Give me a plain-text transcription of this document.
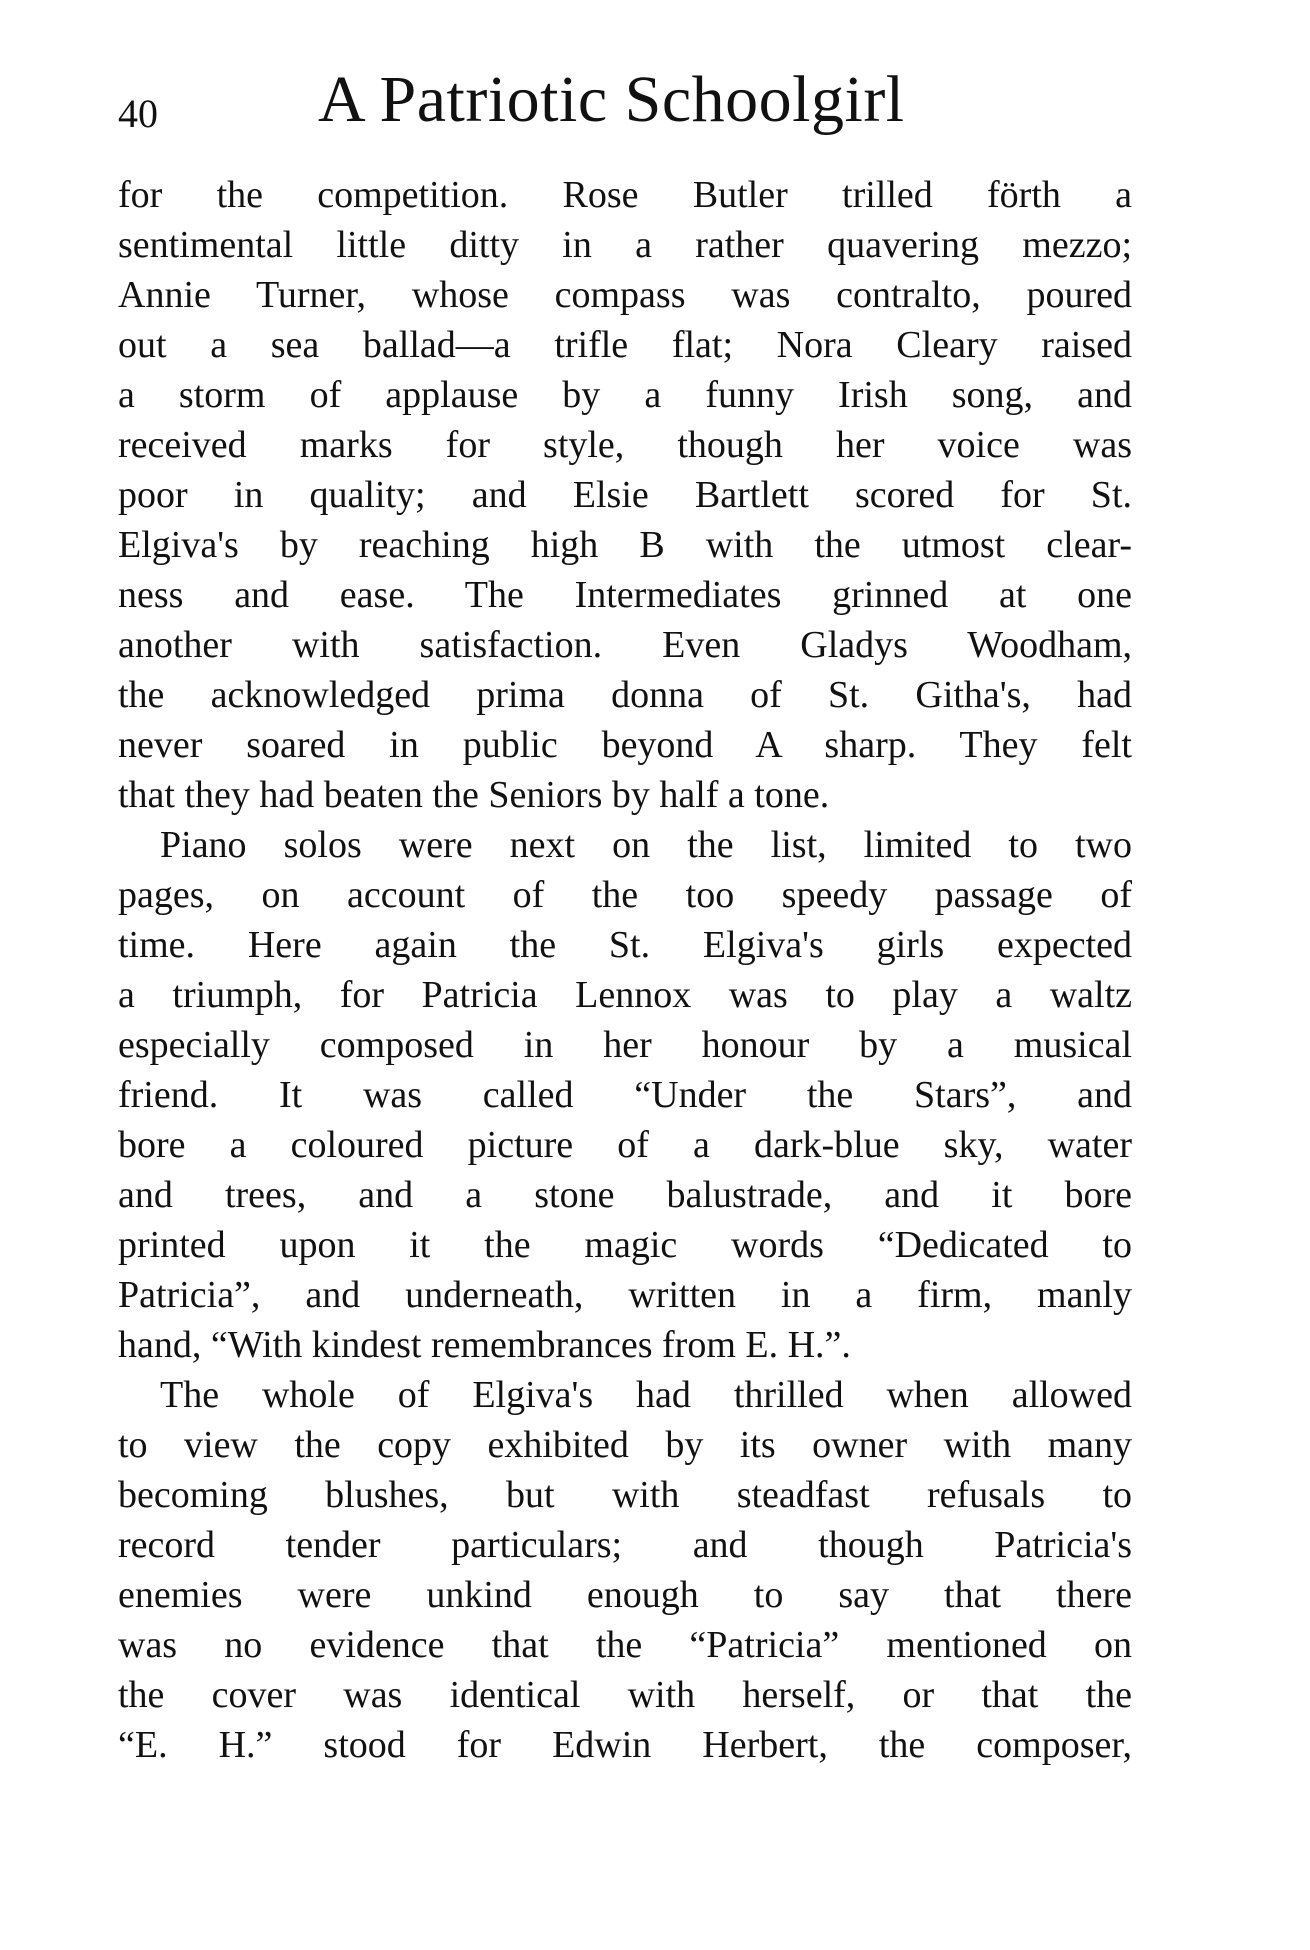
40 A Patriotic Schoolgirl
for the competition. Rose Butler trilled förth a
sentimental little ditty in a rather quavering mezzo;
Annie Turner, whose compass was contralto, poured
out a sea ballad—a trifle flat; Nora Cleary raised
a storm of applause by a funny Irish song, and
received marks for style, though her voice was
poor in quality; and Elsie Bartlett scored for St.
Elgiva's by reaching high B with the utmost clear-
ness and ease. The Intermediates grinned at one
another with satisfaction. Even Gladys Woodham,
the acknowledged prima donna of St. Githa's, had
never soared in public beyond A sharp. They felt
that they had beaten the Seniors by half a tone.
Piano solos were next on the list, limited to two
pages, on account of the too speedy passage of
time. Here again the St. Elgiva's girls expected
a triumph, for Patricia Lennox was to play a waltz
especially composed in her honour by a musical
friend. It was called “Under the Stars”, and
bore a coloured picture of a dark-blue sky, water
and trees, and a stone balustrade, and it bore
printed upon it the magic words “Dedicated to
Patricia”, and underneath, written in a firm, manly
hand, “With kindest remembrances from E. H.”.
The whole of Elgiva's had thrilled when allowed
to view the copy exhibited by its owner with many
becoming blushes, but with steadfast refusals to
record tender particulars; and though Patricia's
enemies were unkind enough to say that there
was no evidence that the “Patricia” mentioned on
the cover was identical with herself, or that the
“E. H.” stood for Edwin Herbert, the composer,
